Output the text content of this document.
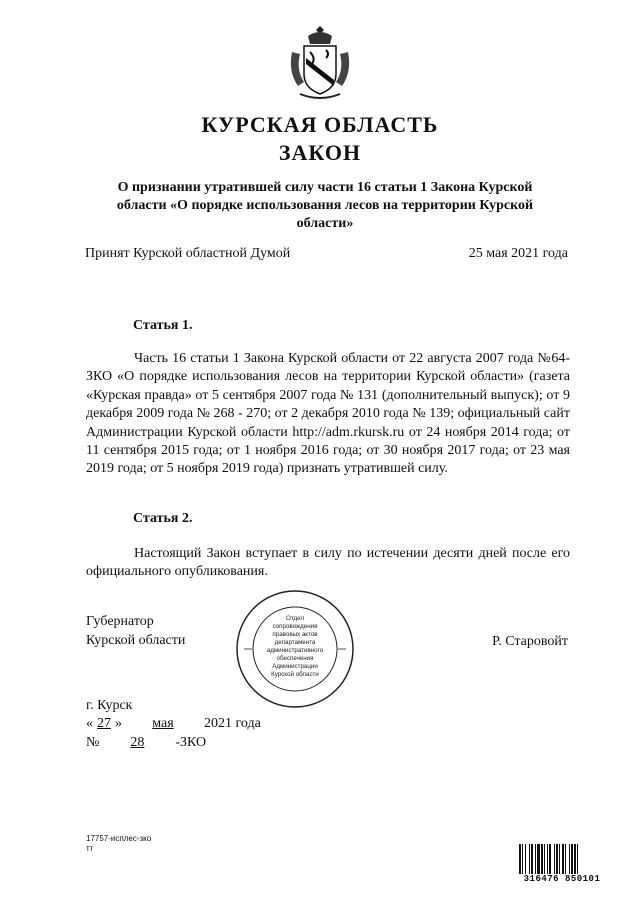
КУРСКАЯ ОБЛАСТЬ
ЗАКОН
О признании утратившей силу части 16 статьи 1 Закона Курской области «О порядке использования лесов на территории Курской области»
Принят Курской областной Думой	25 мая 2021 года
Статья 1.

Часть 16 статьи 1 Закона Курской области от 22 августа 2007 года №64-ЗКО «О порядке использования лесов на территории Курской области» (газета «Курская правда» от 5 сентября 2007 года № 131 (дополнительный выпуск); от 9 декабря 2009 года № 268 - 270; от 2 декабря 2010 года № 139; официальный сайт Администрации Курской области http://adm.rkursk.ru от 24 ноября 2014 года; от 11 сентября 2015 года; от 1 ноября 2016 года; от 30 ноября 2017 года; от 23 мая 2019 года; от 5 ноября 2019 года) признать утратившей силу.

Статья 2.

Настоящий Закон вступает в силу по истечении десяти дней после его официального опубликования.

Губернатор
Курской области	Р. Старовойт
Отдел
сопровождения
правовых актов
департамента
административного
обеспечения
Администрации
Курской области
г. Курск
« 27 » мая 2021 года
№ 28 -ЗКО
17757-исплес-зко
тт
316476 850101
